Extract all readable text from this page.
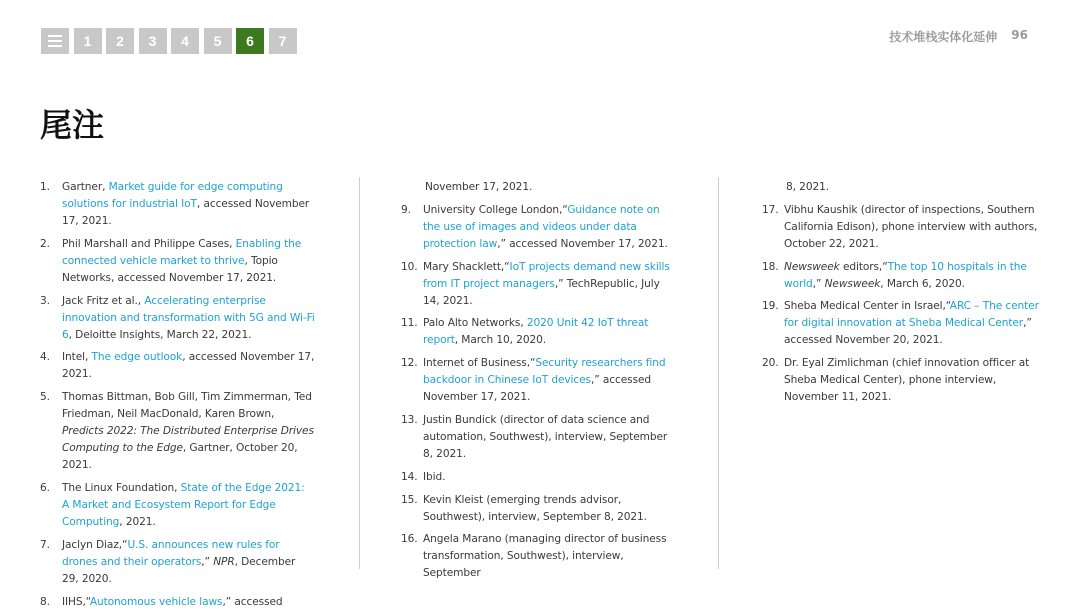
1	2	3	4	5	6	7	技术堆栈实体化延伸 96
尾注
1. Gartner, Market guide for edge computing solutions for industrial IoT, accessed November 17, 2021.
2. Phil Marshall and Philippe Cases, Enabling the connected vehicle market to thrive, Topio Networks, accessed November 17, 2021.
3. Jack Fritz et al., Accelerating enterprise innovation and transformation with 5G and Wi-Fi 6, Deloitte Insights, March 22, 2021.
4. Intel, The edge outlook, accessed November 17, 2021.
5. Thomas Bittman, Bob Gill, Tim Zimmerman, Ted Friedman, Neil MacDonald, Karen Brown, Predicts 2022: The Distributed Enterprise Drives Computing to the Edge, Gartner, October 20, 2021.
6. The Linux Foundation, State of the Edge 2021: A Market and Ecosystem Report for Edge Computing, 2021.
7. Jaclyn Diaz,“U.S. announces new rules for drones and their operators,” NPR, December 29, 2020.
8. IIHS,“Autonomous vehicle laws,” accessed
November 17, 2021.
9. University College London,“Guidance note on the use of images and videos under data protection law,” accessed November 17, 2021.
10. Mary Shacklett,“IoT projects demand new skills from IT project managers,” TechRepublic, July 14, 2021.
11. Palo Alto Networks, 2020 Unit 42 IoT threat report, March 10, 2020.
12. Internet of Business,“Security researchers find backdoor in Chinese IoT devices,” accessed November 17, 2021.
13. Justin Bundick (director of data science and automation, Southwest), interview, September 8, 2021.
14. Ibid.
15. Kevin Kleist (emerging trends advisor, Southwest), interview, September 8, 2021.
16. Angela Marano (managing director of business transformation, Southwest), interview, September
8, 2021.
17. Vibhu Kaushik (director of inspections, Southern California Edison), phone interview with authors, October 22, 2021.
18. Newsweek editors,“The top 10 hospitals in the world,” Newsweek, March 6, 2020.
19. Sheba Medical Center in Israel,“ARC – The center for digital innovation at Sheba Medical Center,” accessed November 20, 2021.
20. Dr. Eyal Zimlichman (chief innovation officer at Sheba Medical Center), phone interview, November 11, 2021.
